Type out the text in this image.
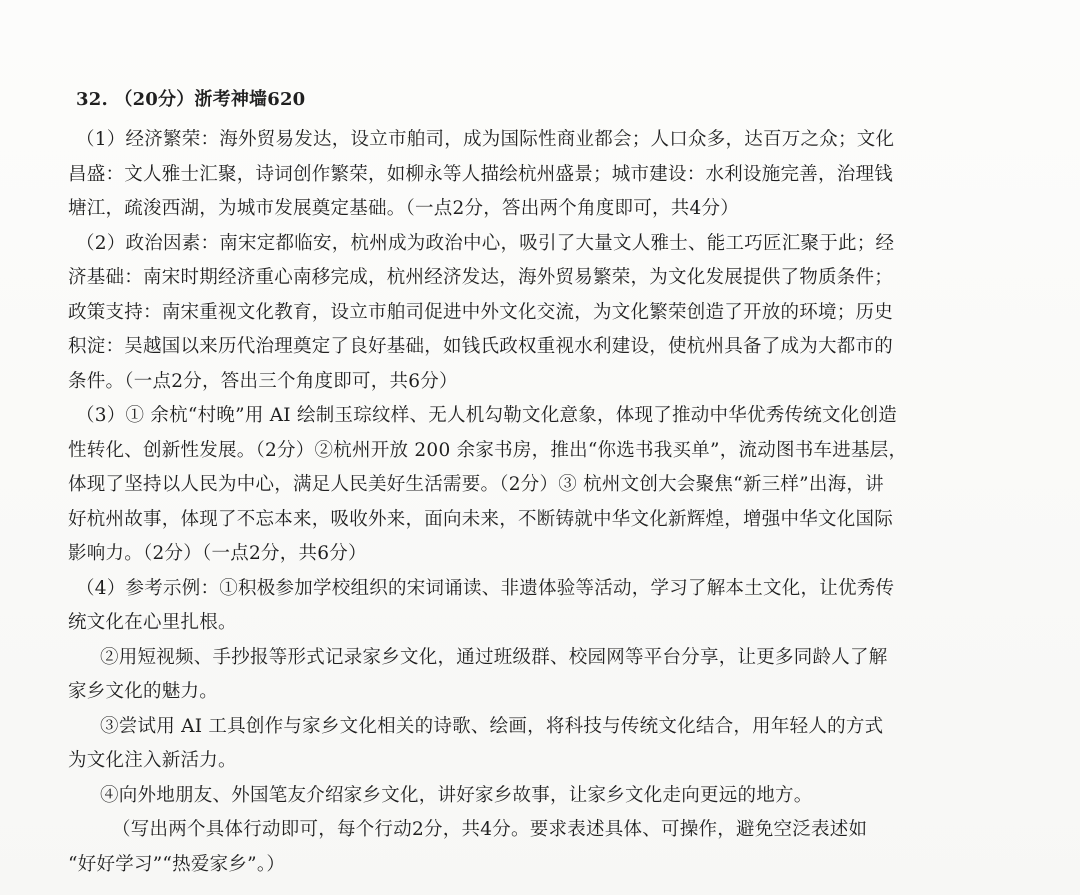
32. （20分）浙考神墙620
（1）经济繁荣：海外贸易发达，设立市舶司，成为国际性商业都会；人口众多，达百万之众；文化
昌盛：文人雅士汇聚，诗词创作繁荣，如柳永等人描绘杭州盛景；城市建设：水利设施完善，治理钱
塘江，疏浚西湖，为城市发展奠定基础。（一点2分，答出两个角度即可，共4分）
（2）政治因素：南宋定都临安，杭州成为政治中心，吸引了大量文人雅士、能工巧匠汇聚于此；经
济基础：南宋时期经济重心南移完成，杭州经济发达，海外贸易繁荣，为文化发展提供了物质条件；
政策支持：南宋重视文化教育，设立市舶司促进中外文化交流，为文化繁荣创造了开放的环境；历史
积淀：吴越国以来历代治理奠定了良好基础，如钱氏政权重视水利建设，使杭州具备了成为大都市的
条件。（一点2分，答出三个角度即可，共6分）
（3）① 余杭“村晚”用 AI 绘制玉琮纹样、无人机勾勒文化意象，体现了推动中华优秀传统文化创造
性转化、创新性发展。（2分）②杭州开放 200 余家书房，推出“你选书我买单”，流动图书车进基层，
体现了坚持以人民为中心，满足人民美好生活需要。（2分）③ 杭州文创大会聚焦“新三样”出海，讲
好杭州故事，体现了不忘本来，吸收外来，面向未来，不断铸就中华文化新辉煌，增强中华文化国际
影响力。（2分）（一点2分，共6分）
（4）参考示例：①积极参加学校组织的宋词诵读、非遗体验等活动，学习了解本土文化，让优秀传
统文化在心里扎根。
②用短视频、手抄报等形式记录家乡文化，通过班级群、校园网等平台分享，让更多同龄人了解
家乡文化的魅力。
③尝试用 AI 工具创作与家乡文化相关的诗歌、绘画，将科技与传统文化结合，用年轻人的方式
为文化注入新活力。
④向外地朋友、外国笔友介绍家乡文化，讲好家乡故事，让家乡文化走向更远的地方。
（写出两个具体行动即可，每个行动2分，共4分。要求表述具体、可操作，避免空泛表述如
“好好学习”“热爱家乡”。）
